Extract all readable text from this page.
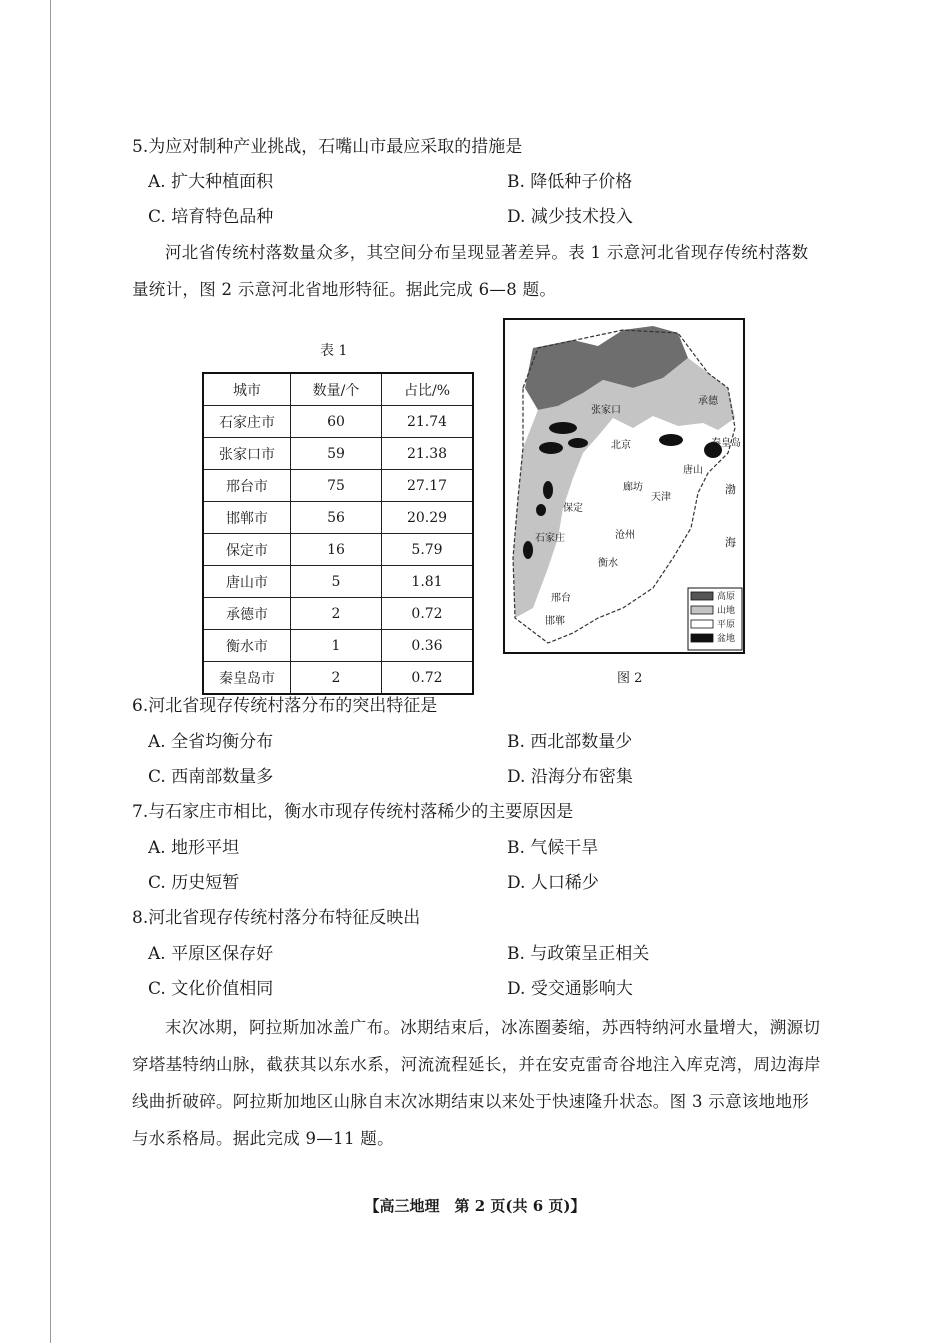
5.为应对制种产业挑战，石嘴山市最应采取的措施是
A. 扩大种植面积	B. 降低种子价格
C. 培育特色品种	D. 减少技术投入
河北省传统村落数量众多，其空间分布呈现显著差异。表 1 示意河北省现存传统村落数量统计，图 2 示意河北省地形特征。据此完成 6—8 题。
表 1
城市	数量/个	占比/%
石家庄市	60	21.74
张家口市	59	21.38
邢台市	75	27.17
邯郸市	56	20.29
保定市	16	5.79
唐山市	5	1.81
承德市	2	0.72
衡水市	1	0.36
秦皇岛市	2	0.72
张家口
承德
北京	秦皇岛
唐山
廊坊
天津
保定
石家庄	沧州
衡水
邢台
邯郸
渤
海
高原
山地
平原
盆地
图 2
6.河北省现存传统村落分布的突出特征是
A. 全省均衡分布	B. 西北部数量少
C. 西南部数量多	D. 沿海分布密集
7.与石家庄市相比，衡水市现存传统村落稀少的主要原因是
A. 地形平坦	B. 气候干旱
C. 历史短暂	D. 人口稀少
8.河北省现存传统村落分布特征反映出
A. 平原区保存好	B. 与政策呈正相关
C. 文化价值相同	D. 受交通影响大
末次冰期，阿拉斯加冰盖广布。冰期结束后，冰冻圈萎缩，苏西特纳河水量增大，溯源切穿塔基特纳山脉，截获其以东水系，河流流程延长，并在安克雷奇谷地注入库克湾，周边海岸线曲折破碎。阿拉斯加地区山脉自末次冰期结束以来处于快速隆升状态。图 3 示意该地地形与水系格局。据此完成 9—11 题。
【高三地理　第 2 页(共 6 页)】
